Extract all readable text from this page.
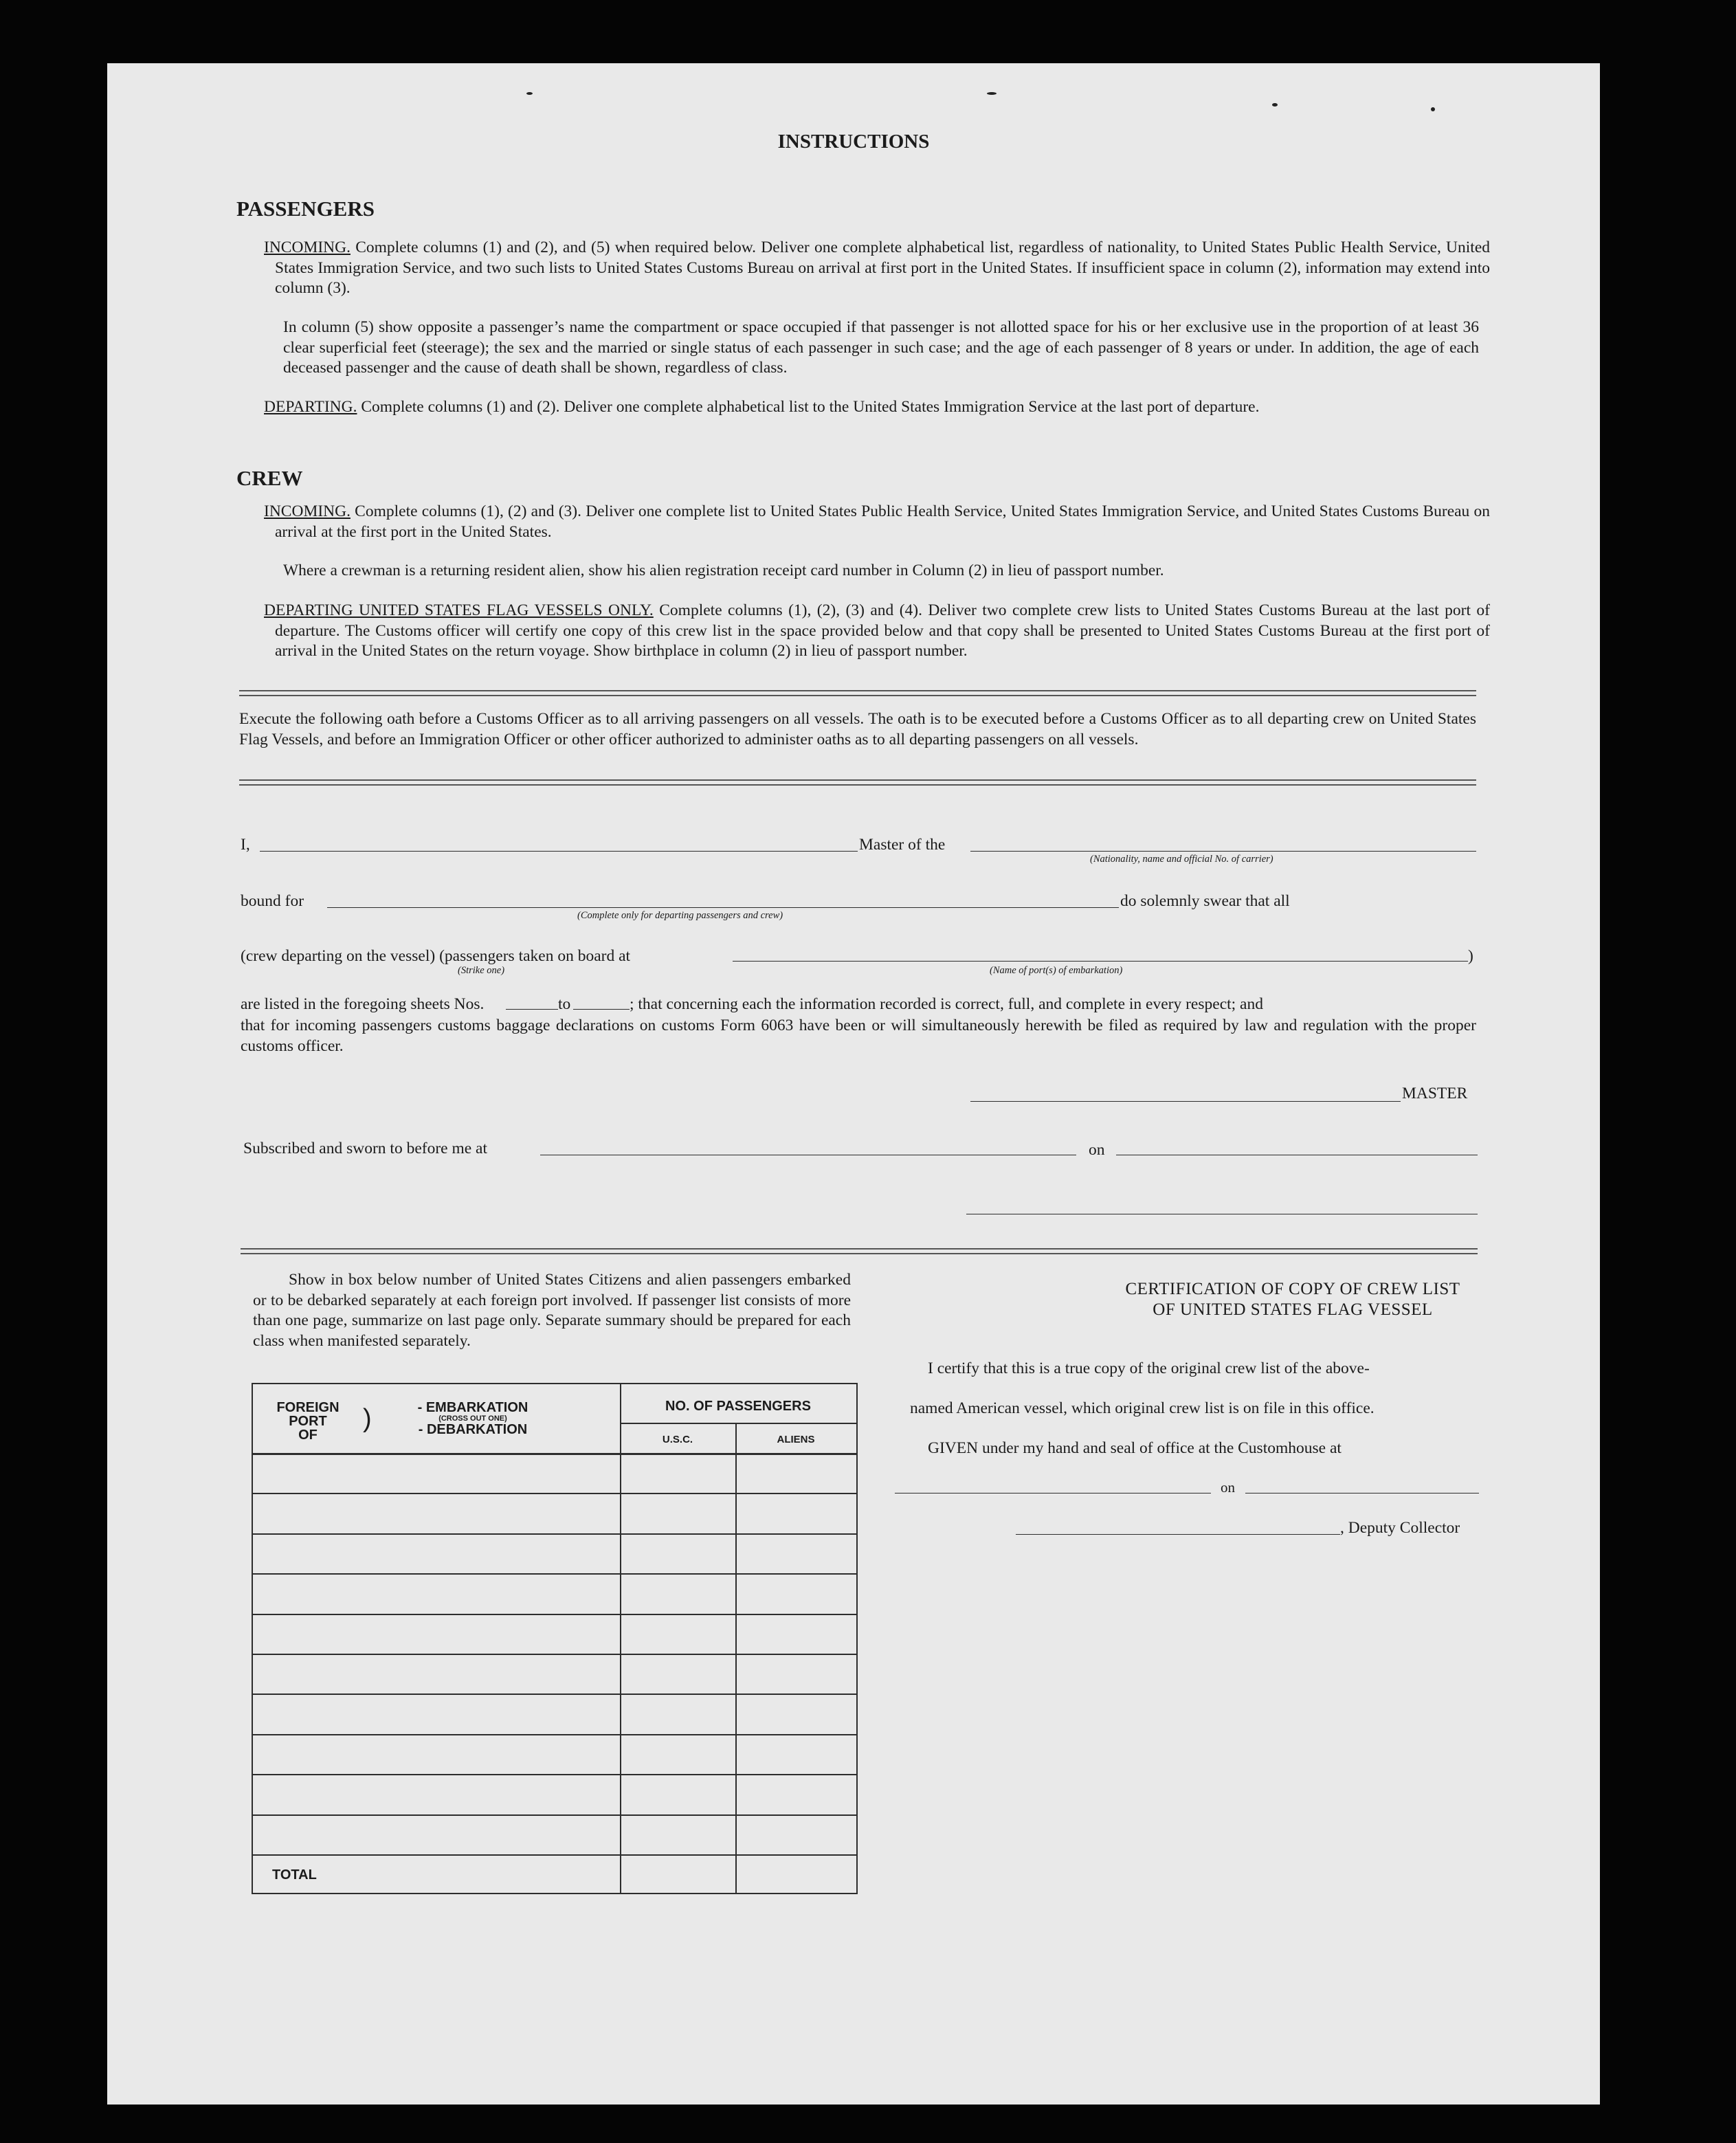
INSTRUCTIONS
PASSENGERS
INCOMING. Complete columns (1) and (2), and (5) when required below. Deliver one complete alphabetical list, regardless of nationality, to United States Public Health Service, United States Immigration Service, and two such lists to United States Customs Bureau on arrival at first port in the United States. If insufficient space in column (2), information may extend into column (3).
In column (5) show opposite a passenger’s name the compartment or space occupied if that passenger is not allotted space for his or her exclusive use in the proportion of at least 36 clear superficial feet (steerage); the sex and the married or single status of each passenger in such case; and the age of each passenger of 8 years or under. In addition, the age of each deceased passenger and the cause of death shall be shown, regardless of class.
DEPARTING. Complete columns (1) and (2). Deliver one complete alphabetical list to the United States Immigration Service at the last port of departure.
CREW
INCOMING. Complete columns (1), (2) and (3). Deliver one complete list to United States Public Health Service, United States Immigration Service, and United States Customs Bureau on arrival at the first port in the United States.
Where a crewman is a returning resident alien, show his alien registration receipt card number in Column (2) in lieu of passport number.
DEPARTING UNITED STATES FLAG VESSELS ONLY. Complete columns (1), (2), (3) and (4). Deliver two complete crew lists to United States Customs Bureau at the last port of departure. The Customs officer will certify one copy of this crew list in the space provided below and that copy shall be presented to United States Customs Bureau at the first port of arrival in the United States on the return voyage. Show birthplace in column (2) in lieu of passport number.
Execute the following oath before a Customs Officer as to all arriving passengers on all vessels. The oath is to be executed before a Customs Officer as to all departing crew on United States Flag Vessels, and before an Immigration Officer or other officer authorized to administer oaths as to all departing passengers on all vessels.
I,	Master of the
(Nationality, name and official No. of carrier)
bound for
(Complete only for departing passengers and crew)
do solemnly swear that all
(crew departing on the vessel) (passengers taken on board at
(Strike one)	(Name of port(s) of embarkation)
)
are listed in the foregoing sheets Nos.	to	; that concerning each the information recorded is correct, full, and complete in every respect; and
that for incoming passengers customs baggage declarations on customs Form 6063 have been or will simultaneously herewith be filed as required by law and regulation with the proper customs officer.
MASTER
Subscribed and sworn to before me at	on
Show in box below number of United States Citizens and alien passengers embarked or to be debarked separately at each foreign port involved. If passenger list consists of more than one page, summarize on last page only. Separate summary should be prepared for each class when manifested separately.
FOREIGN
PORT
OF
)	- EMBARKATION
(CROSS OUT ONE)
- DEBARKATION
NO. OF PASSENGERS
U.S.C.	ALIENS
TOTAL
CERTIFICATION OF COPY OF CREW LIST
OF UNITED STATES FLAG VESSEL
I certify that this is a true copy of the original crew list of the above-
named American vessel, which original crew list is on file in this office.
GIVEN under my hand and seal of office at the Customhouse at
on
, Deputy Collector
